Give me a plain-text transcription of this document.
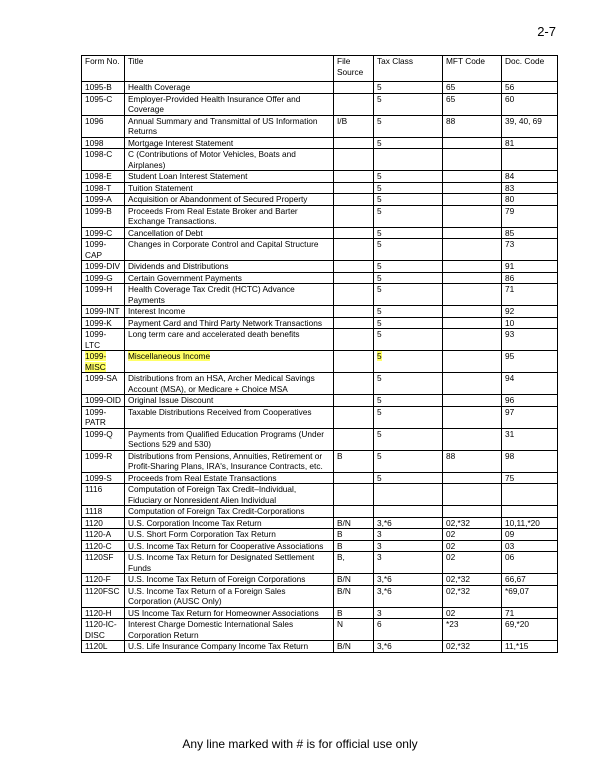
2-7
Form No.	Title	File Source	Tax Class	MFT Code	Doc. Code
1095-B	Health Coverage		5	65	56
1095-C	Employer-Provided Health Insurance Offer and Coverage		5	65	60
1096	Annual Summary and Transmittal of US Information Returns	I/B	5	88	39, 40, 69
1098	Mortgage Interest Statement		5		81
1098-C	C (Contributions of Motor Vehicles, Boats and Airplanes)				
1098-E	Student Loan Interest Statement		5		84
1098-T	Tuition Statement		5		83
1099-A	Acquisition or Abandonment of Secured Property		5		80
1099-B	Proceeds From Real Estate Broker and Barter Exchange Transactions.		5		79
1099-C	Cancellation of Debt		5		85
1099-CAP	Changes in Corporate Control and Capital Structure		5		73
1099-DIV	Dividends and Distributions		5		91
1099-G	Certain Government Payments		5		86
1099-H	Health Coverage Tax Credit (HCTC) Advance Payments		5		71
1099-INT	Interest Income		5		92
1099-K	Payment Card and Third Party Network Transactions		5		10
1099-LTC	Long term care and accelerated death benefits		5		93
1099-MISC	Miscellaneous Income		5		95
1099-SA	Distributions from an HSA, Archer Medical Savings Account (MSA), or Medicare + Choice MSA		5		94
1099-OID	Original Issue Discount		5		96
1099-PATR	Taxable Distributions Received from Cooperatives		5		97
1099-Q	Payments from Qualified Education Programs (Under Sections 529 and 530)		5		31
1099-R	Distributions from Pensions, Annuities, Retirement or Profit-Sharing Plans, IRA's, Insurance Contracts, etc.	B	5	88	98
1099-S	Proceeds from Real Estate Transactions		5		75
1116	Computation of Foreign Tax Credit–Individual, Fiduciary or Nonresident Alien Individual				
1118	Computation of Foreign Tax Credit-Corporations				
1120	U.S. Corporation Income Tax Return	B/N	3,*6	02,*32	10,11,*20
1120-A	U.S. Short Form Corporation Tax Return	B	3	02	09
1120-C	U.S. Income Tax Return for Cooperative Associations	B	3	02	03
1120SF	U.S. Income Tax Return for Designated Settlement Funds	B,	3	02	06
1120-F	U.S. Income Tax Return of Foreign Corporations	B/N	3,*6	02,*32	66,67
1120FSC	U.S. Income Tax Return of a Foreign Sales Corporation (AUSC Only)	B/N	3,*6	02,*32	*69,07
1120-H	US Income Tax Return for Homeowner Associations	B	3	02	71
1120-IC-DISC	Interest Charge Domestic International Sales Corporation Return	N	6	*23	69,*20
1120L	U.S. Life Insurance Company Income Tax Return	B/N	3,*6	02,*32	11,*15
Any line marked with # is for official use only
